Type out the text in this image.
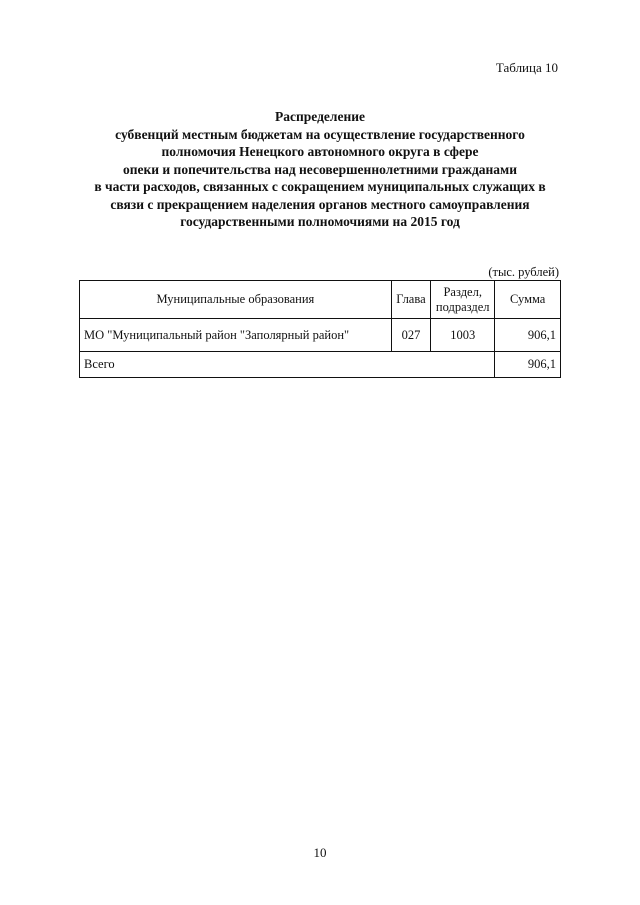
Таблица 10
Распределение
субвенций местным бюджетам на осуществление государственного
полномочия Ненецкого автономного округа в сфере
опеки и попечительства над несовершеннолетними гражданами
в части расходов, связанных с сокращением муниципальных служащих в
связи с прекращением наделения органов местного самоуправления
государственными полномочиями на 2015 год
(тыс. рублей)
Муниципальные образования	Глава	Раздел,
подраздел	Сумма
МО "Муниципальный район "Заполярный район"	027	1003	906,1
Всего			906,1
10
